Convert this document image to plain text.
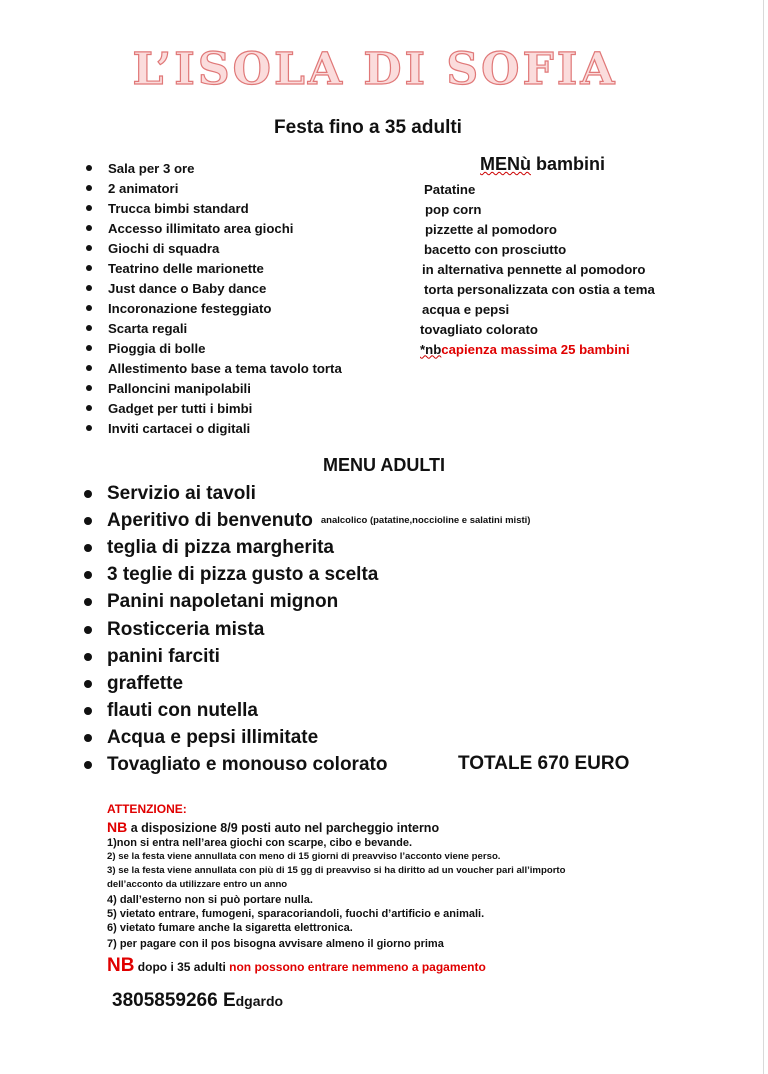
L’ISOLA DI SOFIA
Festa fino a 35 adulti
Sala per 3 ore
2 animatori
Trucca bimbi standard
Accesso illimitato area giochi
Giochi di squadra
Teatrino delle marionette
Just dance o Baby dance
Incoronazione festeggiato
Scarta regali
Pioggia di bolle
Allestimento base a tema tavolo torta
Palloncini manipolabili
Gadget per tutti i bimbi
Inviti cartacei o digitali
MENù bambini
Patatine
pop corn
pizzette al pomodoro
bacetto con prosciutto
in alternativa pennette al pomodoro
torta personalizzata con ostia a tema
acqua e pepsi
tovagliato colorato
*nb capienza massima 25 bambini
MENU ADULTI
Servizio ai tavoli
Aperitivo di benvenuto analcolico (patatine,noccioline e salatini misti)
teglia di pizza margherita
3 teglie di pizza gusto a scelta
Panini napoletani mignon
Rosticceria mista
panini farciti
graffette
flauti con nutella
Acqua e pepsi illimitate
Tovagliato e monouso colorato	TOTALE 670 EURO
ATTENZIONE:
NB a disposizione 8/9 posti auto nel parcheggio interno
1)non si entra nell’area giochi con scarpe, cibo e bevande.
2) se la festa viene annullata con meno di 15 giorni di preavviso l’acconto viene perso.
3) se la festa viene annullata con più di 15 gg di preavviso si ha diritto ad un voucher pari all’importo
dell’acconto da utilizzare entro un anno
4) dall’esterno non si può portare nulla.
5) vietato entrare, fumogeni, sparacoriandoli, fuochi d’artificio e animali.
6) vietato fumare anche la sigaretta elettronica.
7) per pagare con il pos bisogna avvisare almeno il giorno prima
NB dopo i 35 adulti non possono entrare nemmeno a pagamento
3805859266 Edgardo
